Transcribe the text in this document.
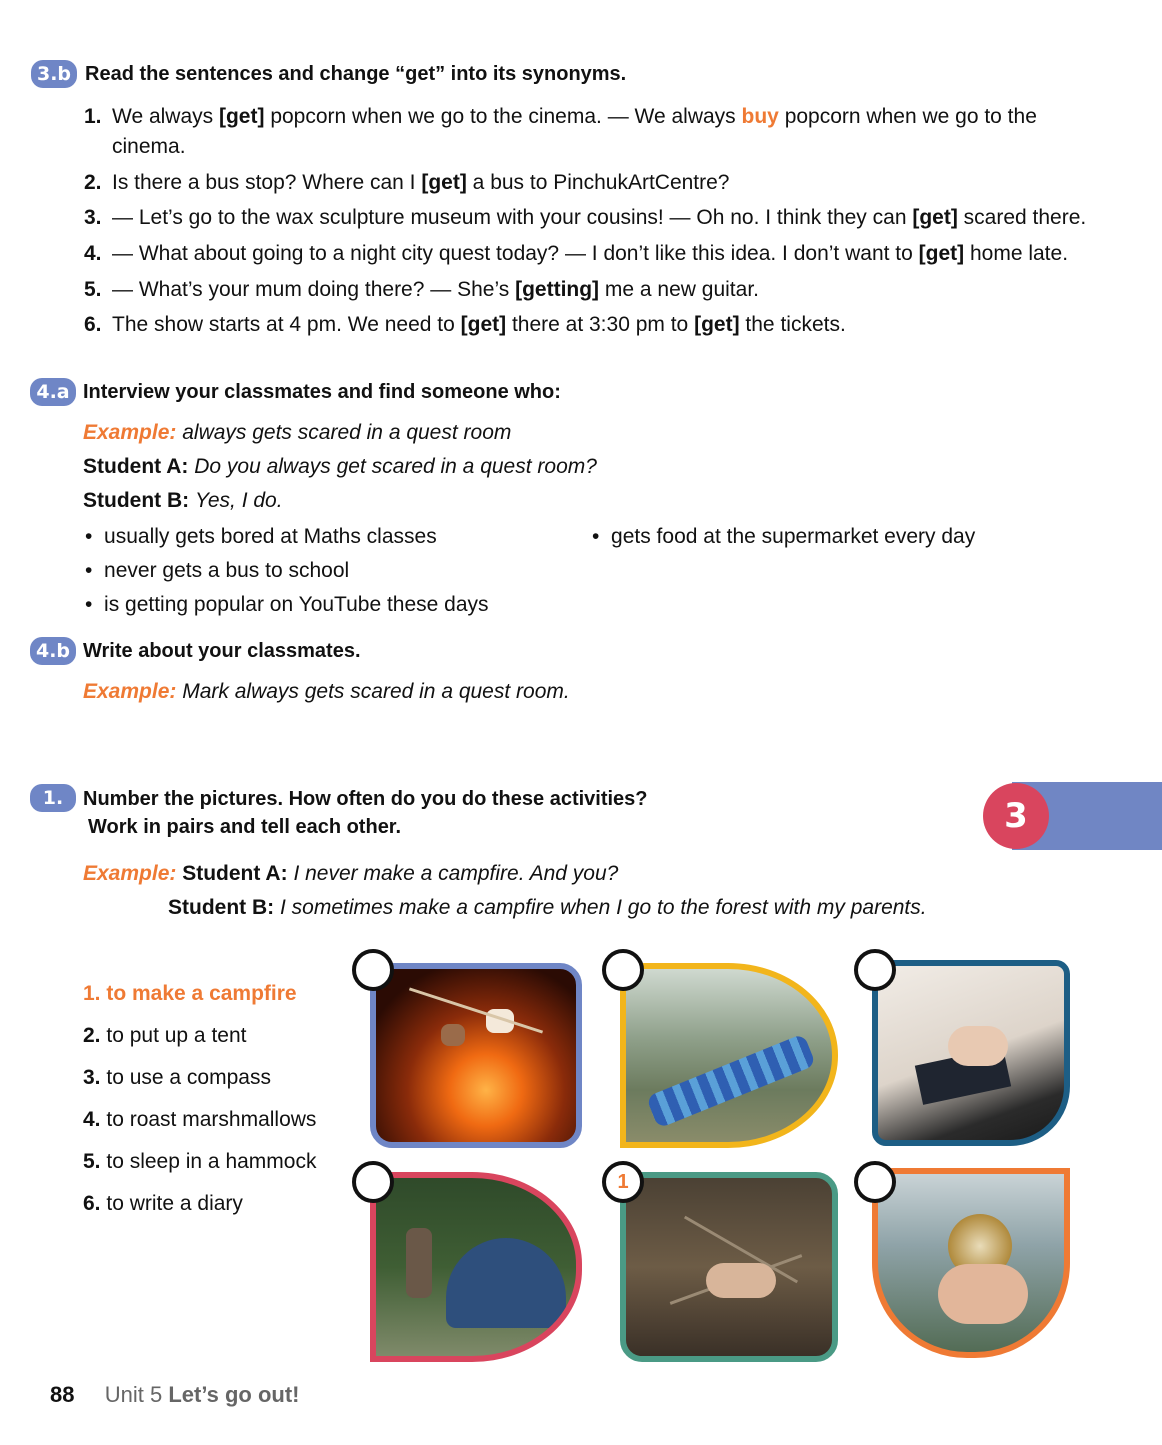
3.b Read the sentences and change “get” into its synonyms.
1. We always [get] popcorn when we go to the cinema. — We always buy popcorn when we go to the
cinema.
2. Is there a bus stop? Where can I [get] a bus to PinchukArtCentre?
3. — Let’s go to the wax sculpture museum with your cousins! — Oh no. I think they can [get] scared there.
4. — What about going to a night city quest today? — I don’t like this idea. I don’t want to [get] home late.
5. — What’s your mum doing there? — She’s [getting] me a new guitar.
6. The show starts at 4 pm. We need to [get] there at 3:30 pm to [get] the tickets.
4.a Interview your classmates and find someone who:
Example: always gets scared in a quest room
Student A: Do you always get scared in a quest room?
Student B: Yes, I do.
•  usually gets bored at Maths classes
•  never gets a bus to school
•  is getting popular on YouTube these days
•  gets food at the supermarket every day
4.b Write about your classmates.
Example: Mark always gets scared in a quest room.
3
1. Number the pictures. How often do you do these activities?
Work in pairs and tell each other.
Example: Student A: I never make a campfire. And you?
Student B: I sometimes make a campfire when I go to the forest with my parents.
1. to make a campfire
2. to put up a tent
3. to use a compass
4. to roast marshmallows
5. to sleep in a hammock
6. to write a diary
1
88 Unit 5 Let’s go out!
